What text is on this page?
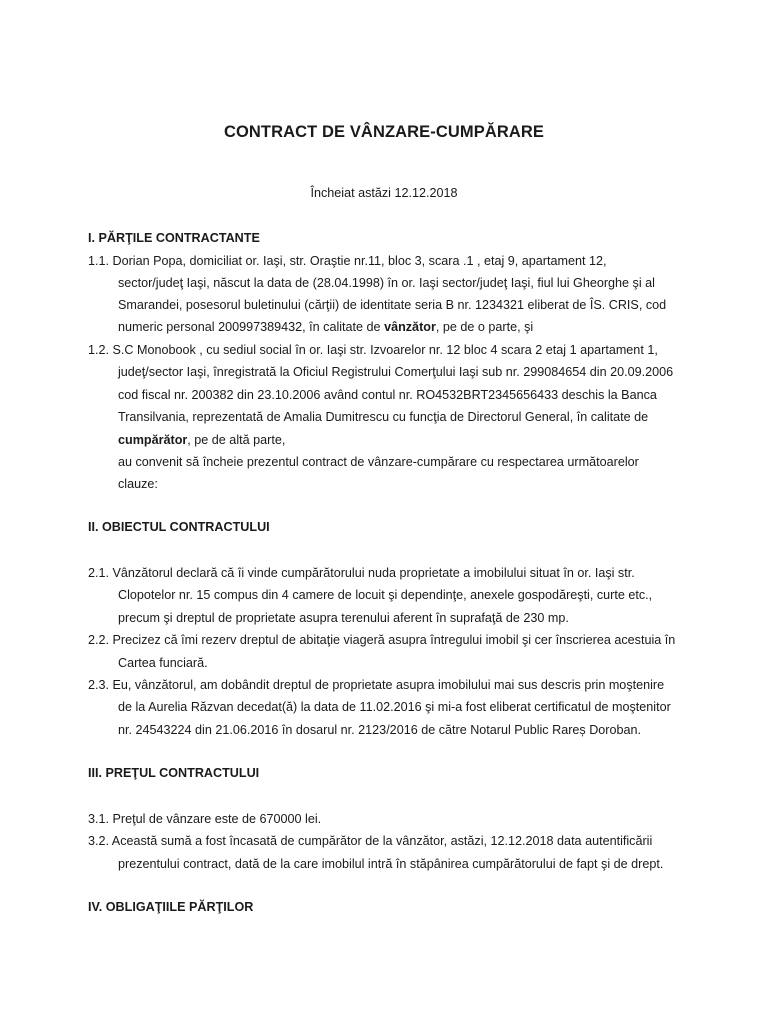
CONTRACT DE VÂNZARE-CUMPĂRARE
Încheiat astăzi 12.12.2018
I. PĂRŢILE CONTRACTANTE
1.1. Dorian Popa, domiciliat or. Iaşi, str. Oraştie nr.11, bloc 3, scara .1 , etaj 9, apartament 12,
sector/judeţ Iaşi, născut la data de (28.04.1998) în or. Iaşi sector/judeţ Iaşi, fiul lui Gheorghe şi al
Smarandei, posesorul buletinului (cărţii) de identitate seria B nr. 1234321 eliberat de ÎS. CRIS, cod
numeric personal 200997389432, în calitate de vânzător, pe de o parte, şi
1.2. S.C Monobook , cu sediul social în or. Iaşi str. Izvoarelor nr. 12 bloc 4 scara 2 etaj 1 apartament 1,
judeţ/sector Iaşi, înregistrată la Oficiul Registrului Comerţului Iaşi sub nr. 299084654 din 20.09.2006
cod fiscal nr. 200382 din 23.10.2006 având contul nr. RO4532BRT2345656433 deschis la Banca
Transilvania, reprezentată de Amalia Dumitrescu cu funcţia de Directorul General, în calitate de
cumpărător, pe de altă parte,
au convenit să încheie prezentul contract de vânzare-cumpărare cu respectarea următoarelor
clauze:
II. OBIECTUL CONTRACTULUI
2.1. Vânzătorul declară că îi vinde cumpărătorului nuda proprietate a imobilului situat în or. Iaşi str.
Clopotelor nr. 15 compus din 4 camere de locuit şi dependinţe, anexele gospodăreşti, curte etc.,
precum şi dreptul de proprietate asupra terenului aferent în suprafaţă de 230 mp.
2.2. Precizez că îmi rezerv dreptul de abitaţie viageră asupra întregului imobil şi cer înscrierea acestuia în
Cartea funciară.
2.3. Eu, vânzătorul, am dobândit dreptul de proprietate asupra imobilului mai sus descris prin moştenire
de la Aurelia Răzvan decedat(ă) la data de 11.02.2016 şi mi-a fost eliberat certificatul de moştenitor
nr. 24543224 din 21.06.2016 în dosarul nr. 2123/2016 de către Notarul Public Rareș Doroban.
III. PREŢUL CONTRACTULUI
3.1. Preţul de vânzare este de 670000 lei.
3.2. Această sumă a fost încasată de cumpărător de la vânzător, astăzi, 12.12.2018 data autentificării
prezentului contract, dată de la care imobilul intră în stăpânirea cumpărătorului de fapt şi de drept.
IV. OBLIGAŢIILE PĂRŢILOR
